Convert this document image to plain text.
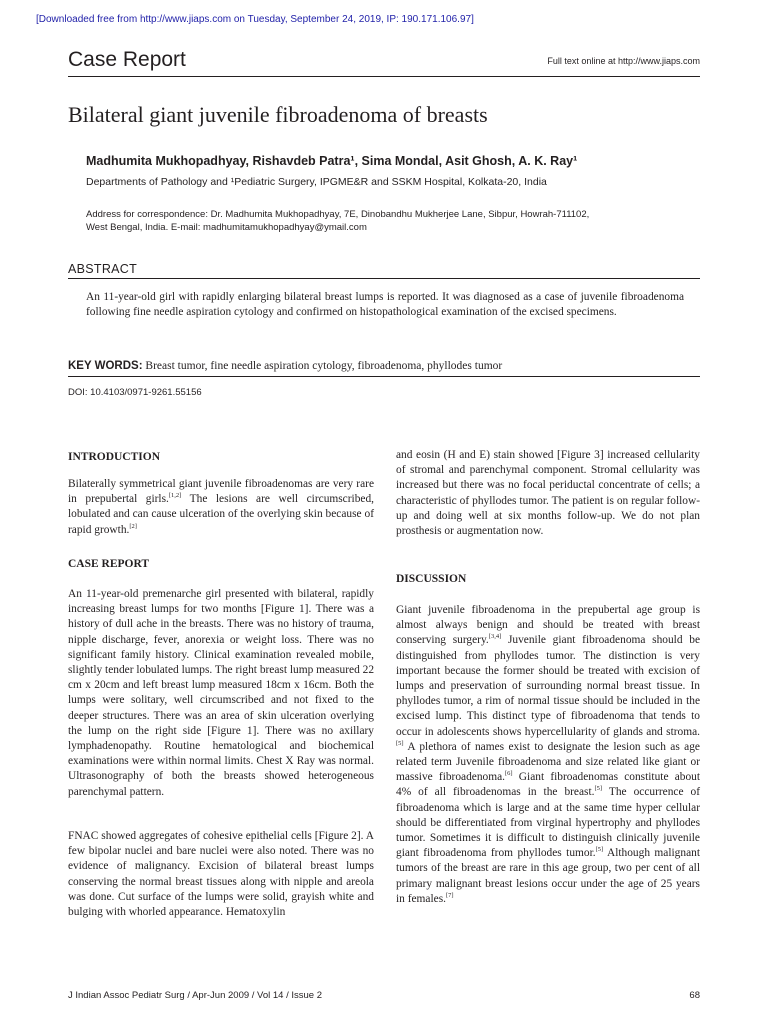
[Downloaded free from http://www.jiaps.com on Tuesday, September 24, 2019, IP: 190.171.106.97]
Case Report	Full text online at http://www.jiaps.com
Bilateral giant juvenile fibroadenoma of breasts
Madhumita Mukhopadhyay, Rishavdeb Patra¹, Sima Mondal, Asit Ghosh, A. K. Ray¹
Departments of Pathology and ¹Pediatric Surgery, IPGME&R and SSKM Hospital, Kolkata-20, India
Address for correspondence: Dr. Madhumita Mukhopadhyay, 7E, Dinobandhu Mukherjee Lane, Sibpur, Howrah-711102,
West Bengal, India. E-mail: madhumitamukhopadhyay@ymail.com
ABSTRACT
An 11-year-old girl with rapidly enlarging bilateral breast lumps is reported. It was diagnosed as a case of juvenile fibroadenoma following fine needle aspiration cytology and confirmed on histopathological examination of the excised specimens.
KEY WORDS: Breast tumor, fine needle aspiration cytology, fibroadenoma, phyllodes tumor
DOI: 10.4103/0971-9261.55156
INTRODUCTION

Bilaterally symmetrical giant juvenile fibroadenomas are very rare in prepubertal girls.[1,2] The lesions are well circumscribed, lobulated and can cause ulceration of the overlying skin because of rapid growth.[2]

CASE REPORT

An 11-year-old premenarche girl presented with bilateral, rapidly increasing breast lumps for two months [Figure 1]. There was a history of dull ache in the breasts. There was no history of trauma, nipple discharge, fever, anorexia or weight loss. There was no significant family history. Clinical examination revealed mobile, slightly tender lobulated lumps. The right breast lump measured 22 cm x 20cm and left breast lump measured 18cm x 16cm. Both the lumps were solitary, well circumscribed and not fixed to the deeper structures. There was an area of skin ulceration overlying the lump on the right side [Figure 1]. There was no axillary lymphadenopathy. Routine hematological and biochemical examinations were within normal limits. Chest X Ray was normal. Ultrasonography of both the breasts showed heterogeneous parenchymal pattern.

FNAC showed aggregates of cohesive epithelial cells [Figure 2]. A few bipolar nuclei and bare nuclei were also noted. There was no evidence of malignancy. Excision of bilateral breast lumps conserving the normal breast tissues along with nipple and areola was done. Cut surface of the lumps were solid, grayish white and bulging with whorled appearance. Hematoxylin

and eosin (H and E) stain showed [Figure 3] increased cellularity of stromal and parenchymal component. Stromal cellularity was increased but there was no focal periductal concentrate of cells; a characteristic of phyllodes tumor. The patient is on regular follow-up and doing well at six months follow-up. We do not plan prosthesis or augmentation now.

DISCUSSION

Giant juvenile fibroadenoma in the prepubertal age group is almost always benign and should be treated with breast conserving surgery.[3,4] Juvenile giant fibroadenoma should be distinguished from phyllodes tumor. The distinction is very important because the former should be treated with excision of lumps and preservation of surrounding normal breast tissue. In phyllodes tumor, a rim of normal tissue should be included in the excised lump. This distinct type of fibroadenoma that tends to occur in adolescents shows hypercellularity of glands and stroma.[5] A plethora of names exist to designate the lesion such as age related term Juvenile fibroadenoma and size related like giant or massive fibroadenoma.[6] Giant fibroadenomas constitute about 4% of all fibroadenomas in the breast.[5] The occurrence of fibroadenoma which is large and at the same time hyper cellular should be differentiated from virginal hypertrophy and phyllodes tumor. Sometimes it is difficult to distinguish clinically juvenile giant fibroadenoma from phyllodes tumor.[5] Although malignant tumors of the breast are rare in this age group, two per cent of all primary malignant breast lesions occur under the age of 25 years in females.[7]

J Indian Assoc Pediatr Surg / Apr-Jun 2009 / Vol 14 / Issue 2	68
